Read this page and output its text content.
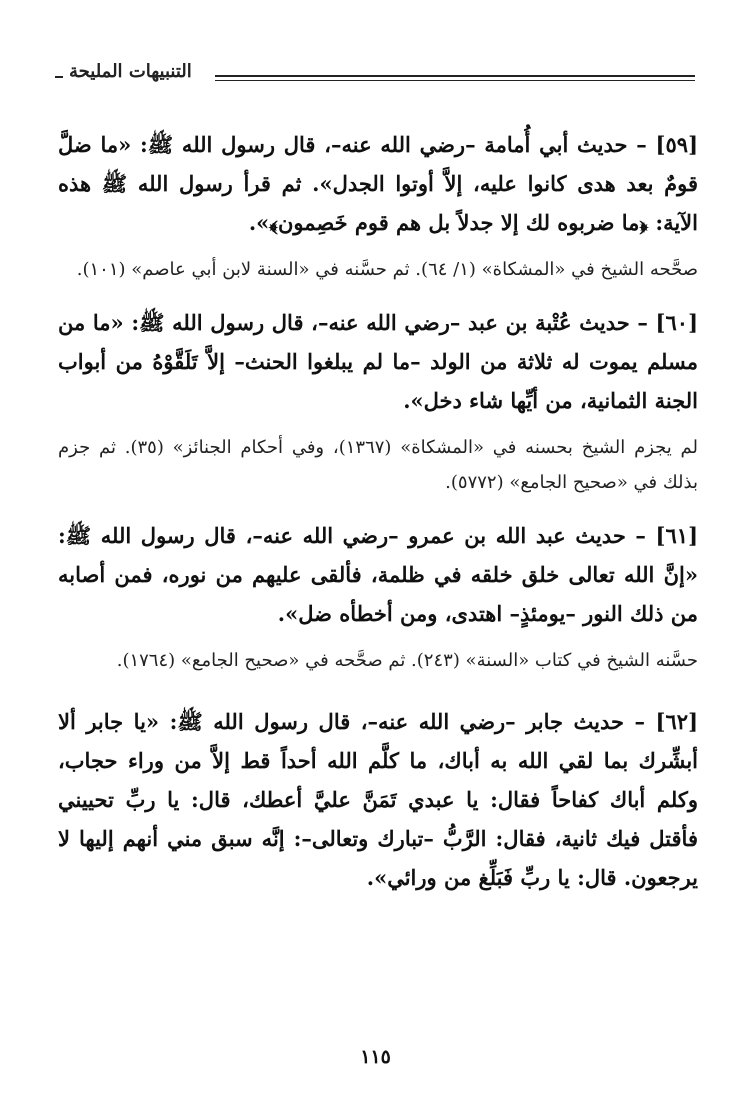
التنبيهات المليحة

[٥٩] – حديث أبي أُمامة –رضي الله عنه–، قال رسول الله ﷺ: «ما ضلَّ قومٌ بعد هدى كانوا عليه، إلاَّ أوتوا الجدل». ثم قرأ رسول الله ﷺ هذه الآية: ﴿ما ضربوه لك إلا جدلاً بل هم قوم خَصِمون﴾».

صحَّحه الشيخ في «المشكاة» (١/ ٦٤). ثم حسَّنه في «السنة لابن أبي عاصم» (١٠١).

[٦٠] – حديث عُتْبة بن عبد –رضي الله عنه–، قال رسول الله ﷺ: «ما من مسلم يموت له ثلاثة من الولد –ما لم يبلغوا الحنث– إلاَّ تَلَقَّوْهُ من أبواب الجنة الثمانية، من أيِّها شاء دخل».

لم يجزم الشيخ بحسنه في «المشكاة» (١٣٦٧)، وفي أحكام الجنائز» (٣٥). ثم جزم بذلك في «صحيح الجامع» (٥٧٧٢).

[٦١] – حديث عبد الله بن عمرو –رضي الله عنه–، قال رسول الله ﷺ: «إنَّ الله تعالى خلق خلقه في ظلمة، فألقى عليهم من نوره، فمن أصابه من ذلك النور –يومئذٍ– اهتدى، ومن أخطأه ضل».

حسَّنه الشيخ في كتاب «السنة» (٢٤٣). ثم صحَّحه في «صحيح الجامع» (١٧٦٤).

[٦٢] – حديث جابر –رضي الله عنه–، قال رسول الله ﷺ: «يا جابر ألا أبشِّرك بما لقي الله به أباك، ما كلَّم الله أحداً قط إلاَّ من وراء حجاب، وكلم أباك كفاحاً فقال: يا عبدي تَمَنَّ عليَّ أعطك، قال: يا ربِّ تحييني فأقتل فيك ثانية، فقال: الرَّبُّ –تبارك وتعالى–: إنَّه سبق مني أنهم إليها لا يرجعون. قال: يا ربِّ فَبَلِّغ من ورائي».

١١٥
